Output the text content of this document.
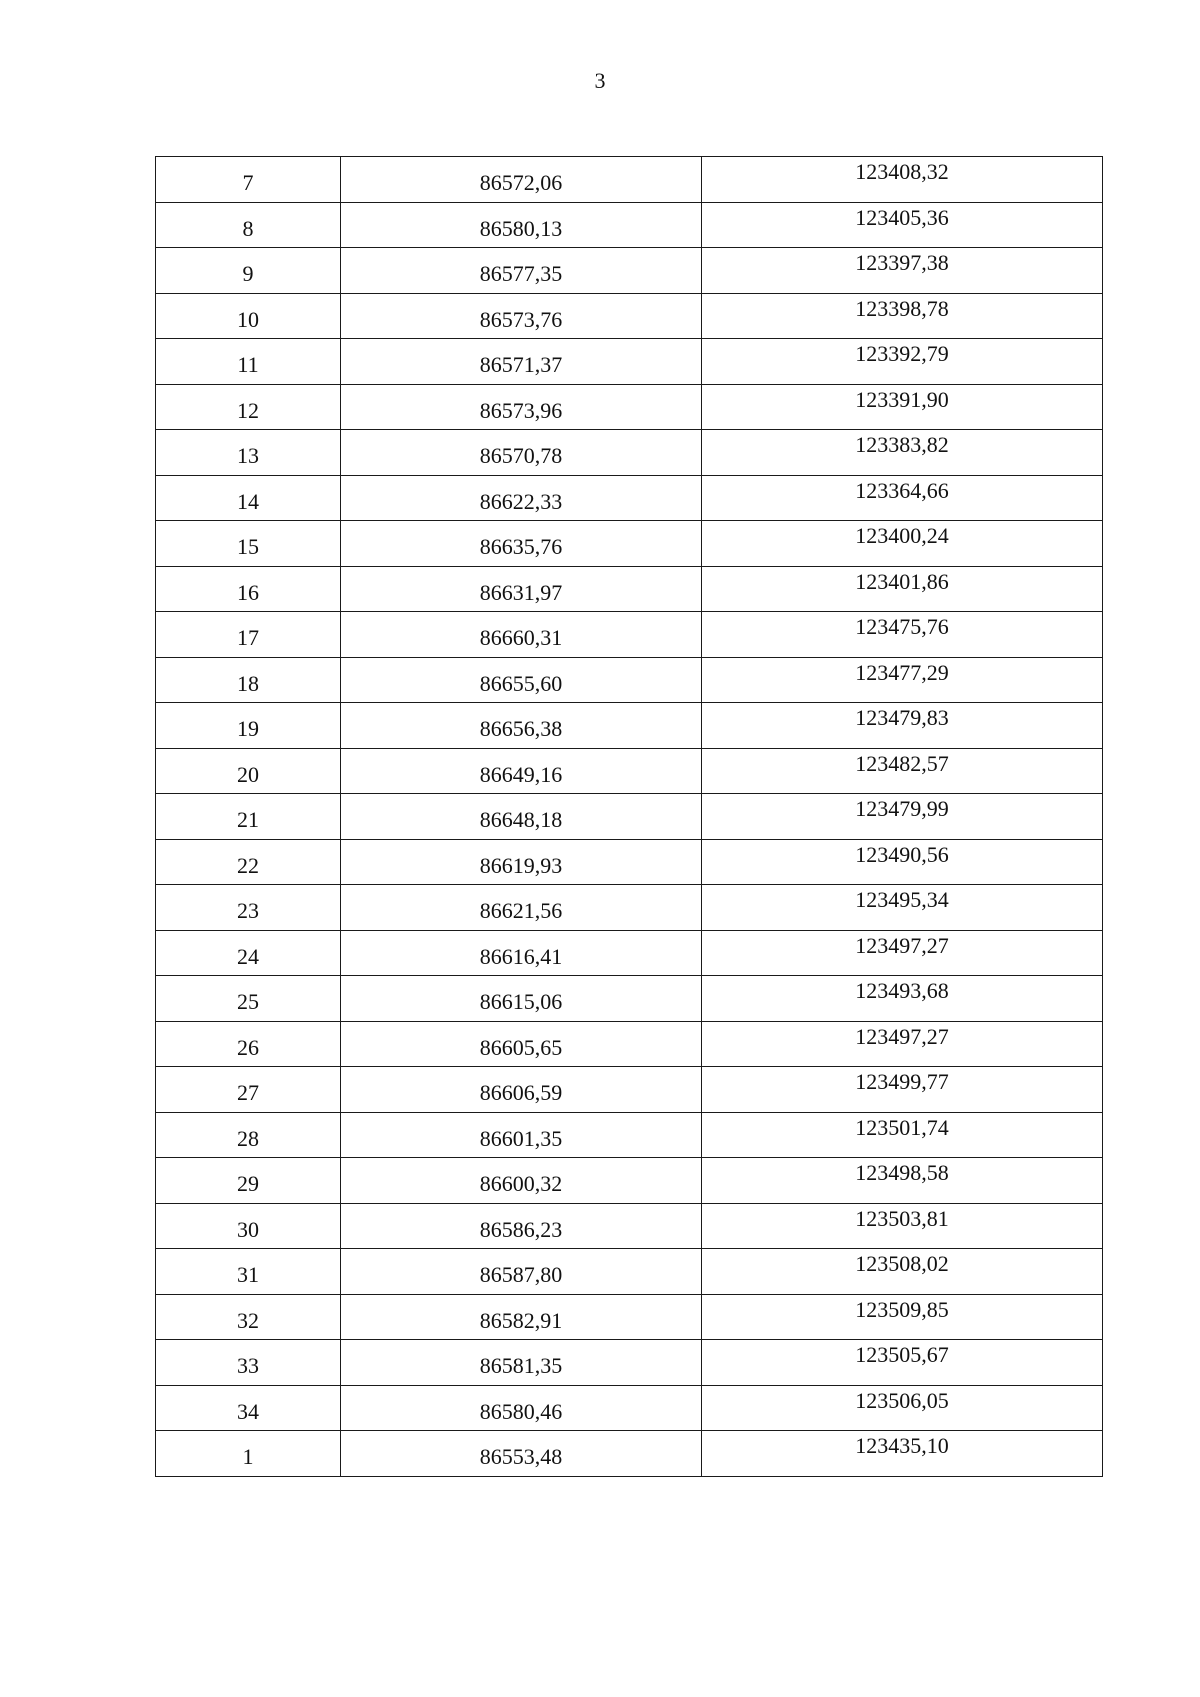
3
7	86572,06	123408,32
8	86580,13	123405,36
9	86577,35	123397,38
10	86573,76	123398,78
11	86571,37	123392,79
12	86573,96	123391,90
13	86570,78	123383,82
14	86622,33	123364,66
15	86635,76	123400,24
16	86631,97	123401,86
17	86660,31	123475,76
18	86655,60	123477,29
19	86656,38	123479,83
20	86649,16	123482,57
21	86648,18	123479,99
22	86619,93	123490,56
23	86621,56	123495,34
24	86616,41	123497,27
25	86615,06	123493,68
26	86605,65	123497,27
27	86606,59	123499,77
28	86601,35	123501,74
29	86600,32	123498,58
30	86586,23	123503,81
31	86587,80	123508,02
32	86582,91	123509,85
33	86581,35	123505,67
34	86580,46	123506,05
1	86553,48	123435,10
